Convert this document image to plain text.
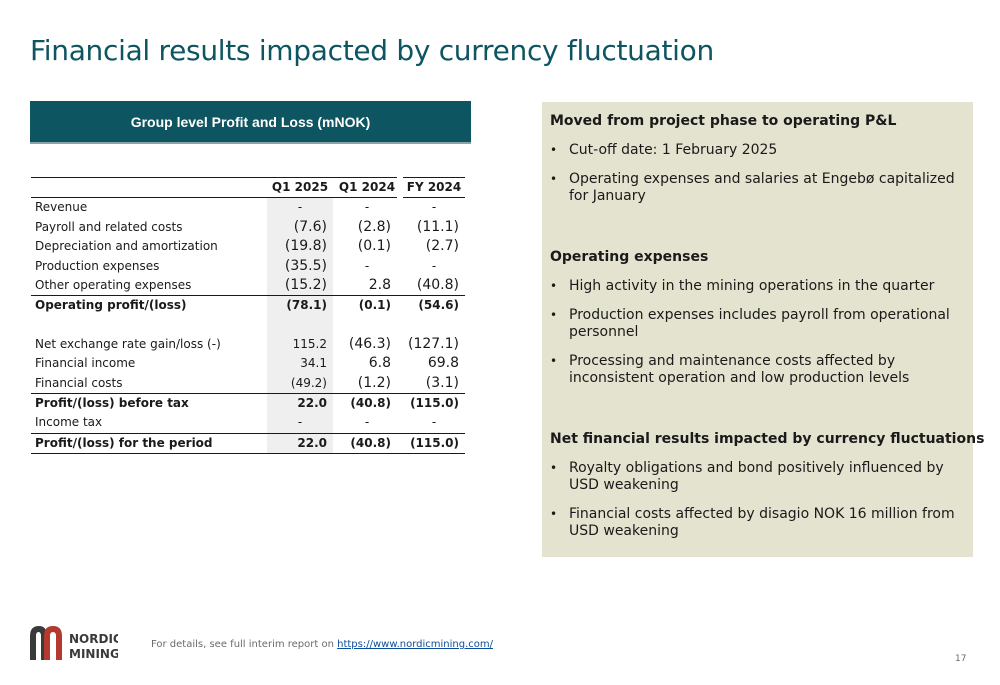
Financial results impacted by currency fluctuation
Group level Profit and Loss (mNOK)
	Q1 2025		Q1 2024		FY 2024
Revenue	-		-		-
Payroll and related costs	(7.6)		(2.8)		(11.1)
Depreciation and amortization	(19.8)		(0.1)		(2.7)
Production expenses	(35.5)		-		-
Other operating expenses	(15.2)		2.8		(40.8)
Operating profit/(loss)	(78.1)		(0.1)		(54.6)

Net exchange rate gain/loss (-)	115.2		(46.3)		(127.1)
Financial income	34.1		6.8		69.8
Financial costs	(49.2)		(1.2)		(3.1)
Profit/(loss) before tax	22.0		(40.8)		(115.0)
Income tax	-		-		-
Profit/(loss) for the period	22.0		(40.8)		(115.0)
Moved from project phase to operating P&L
• Cut-off date: 1 February 2025
• Operating expenses and salaries at Engebø capitalized for January
Operating expenses
• High activity in the mining operations in the quarter
• Production expenses includes payroll from operational personnel
• Processing and maintenance costs affected by inconsistent operation and low production levels
Net financial results impacted by currency fluctuations
• Royalty obligations and bond positively influenced by USD weakening
• Financial costs affected by disagio NOK 16 million from USD weakening
NORDIC
MINING
For details, see full interim report on https://www.nordicmining.com/
17
